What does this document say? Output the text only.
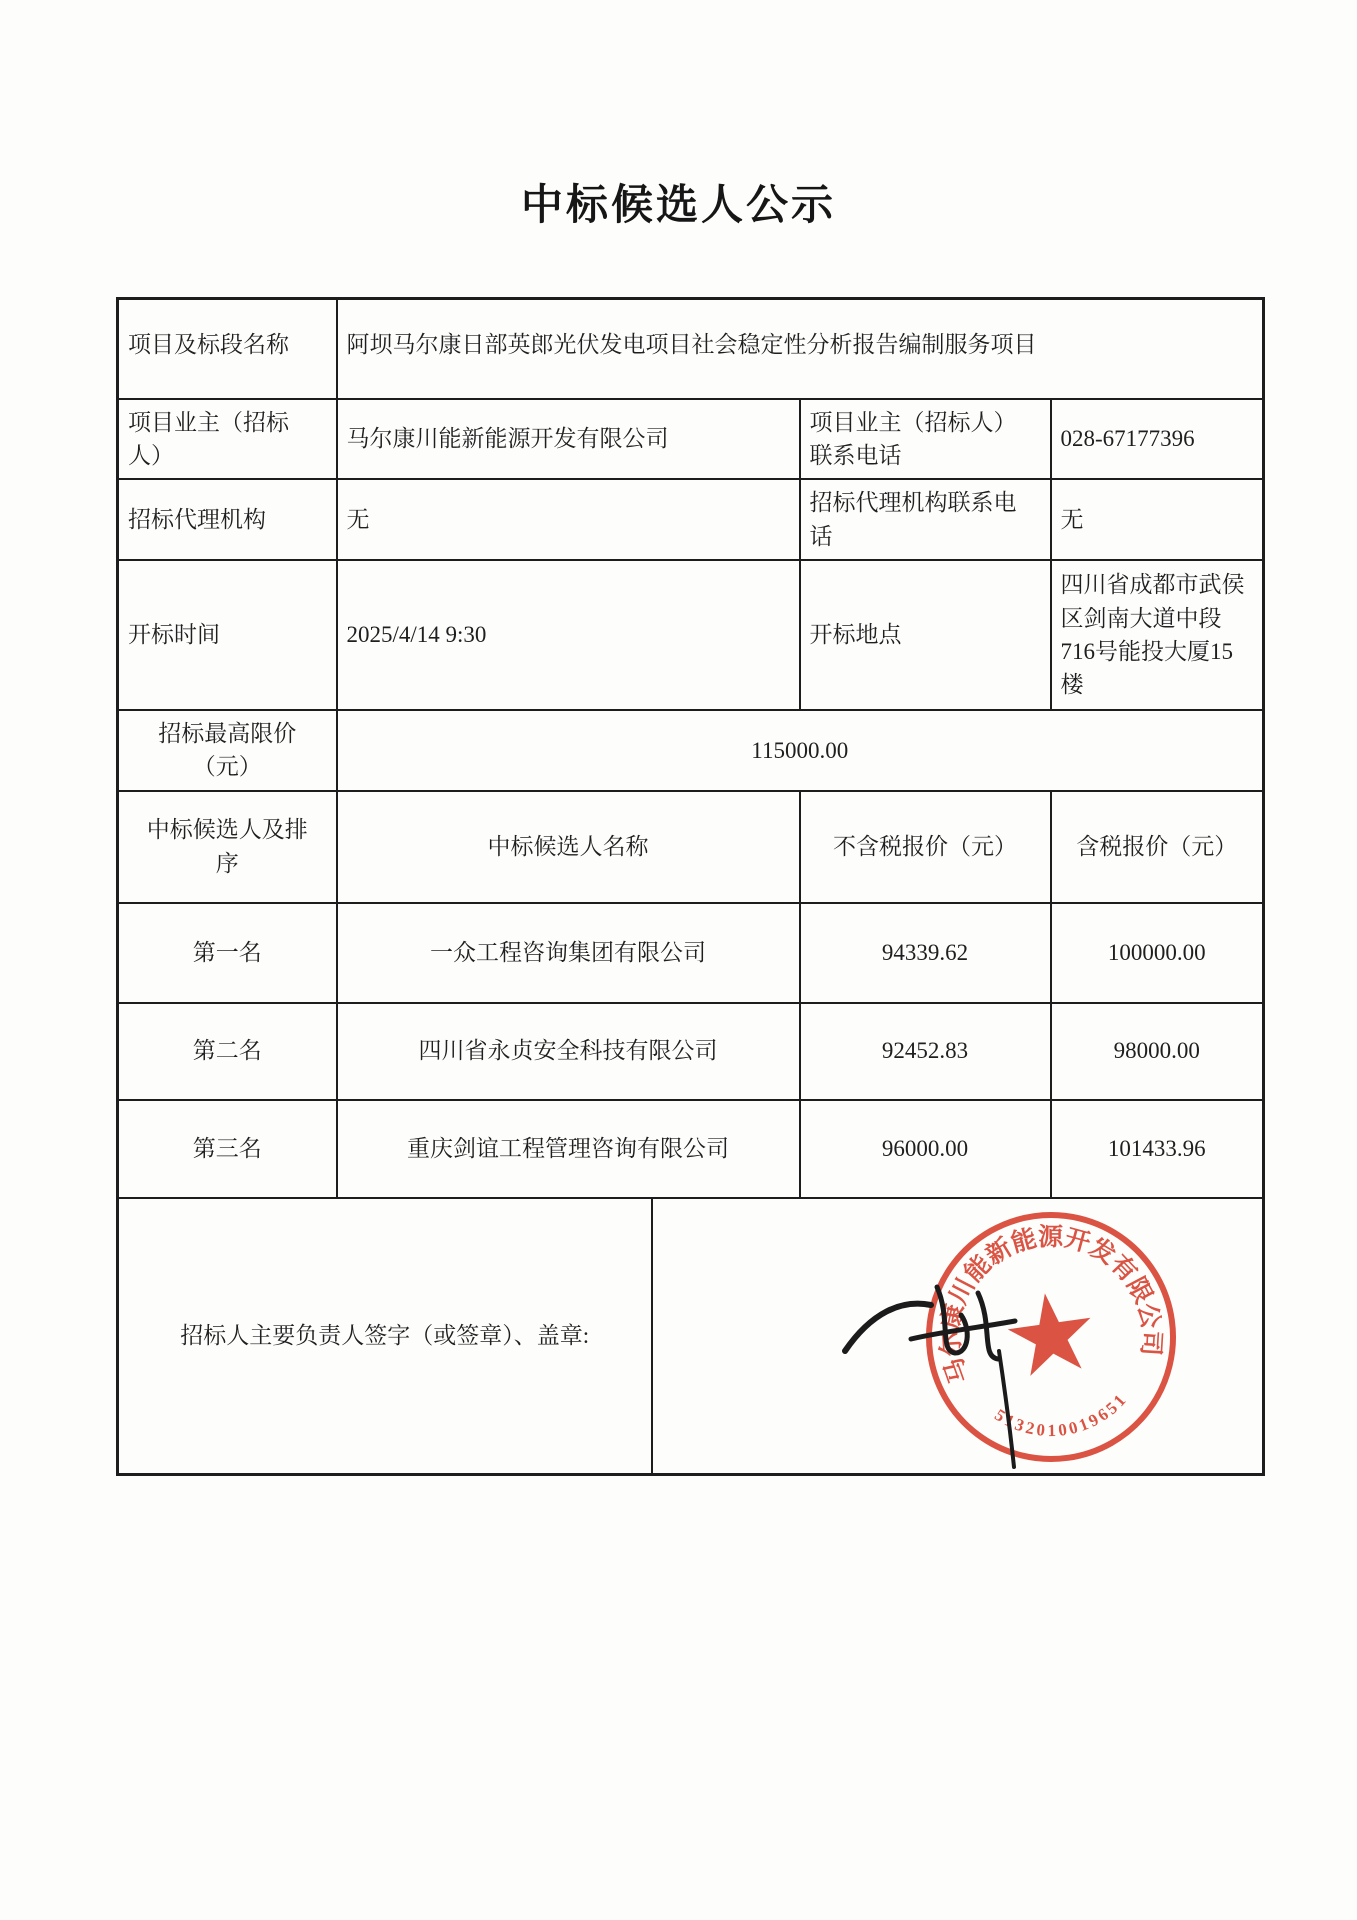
中标候选人公示
项目及标段名称	阿坝马尔康日部英郎光伏发电项目社会稳定性分析报告编制服务项目			
项目业主（招标人）	马尔康川能新能源开发有限公司		项目业主（招标人）联系电话	028-67177396
招标代理机构	无		招标代理机构联系电话	无
开标时间	2025/4/14 9:30		开标地点	四川省成都市武侯区剑南大道中段716号能投大厦15楼
招标最高限价（元）	115000.00			
中标候选人及排序	中标候选人名称		不含税报价（元）	含税报价（元）
第一名	一众工程咨询集团有限公司		94339.62	100000.00
第二名	四川省永贞安全科技有限公司		92452.83	98000.00
第三名	重庆剑谊工程管理咨询有限公司		96000.00	101433.96
招标人主要负责人签字（或签章）、盖章:		马尔康川能新能源开发有限公司
5132010019651		
